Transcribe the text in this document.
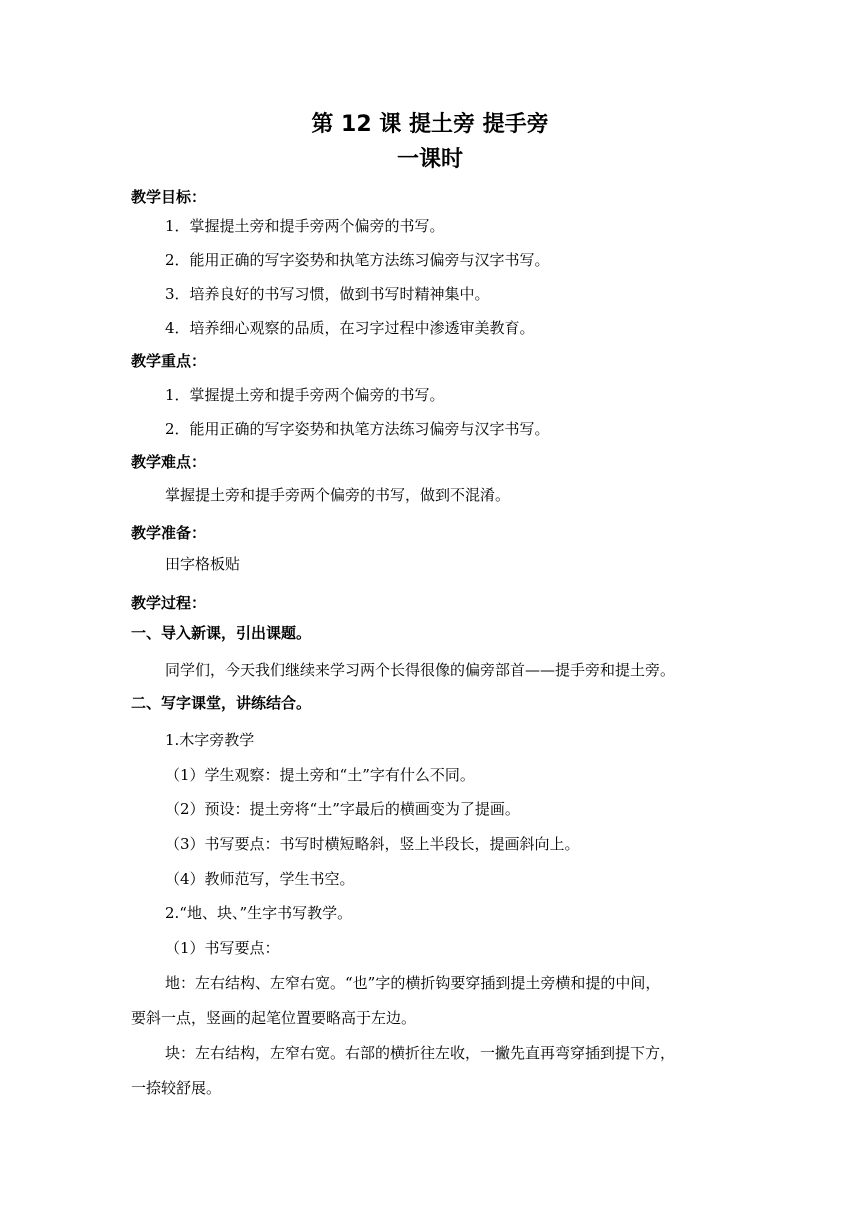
第 12 课 提土旁 提手旁
一课时
教学目标：
1．掌握提土旁和提手旁两个偏旁的书写。
2．能用正确的写字姿势和执笔方法练习偏旁与汉字书写。
3．培养良好的书写习惯，做到书写时精神集中。
4．培养细心观察的品质，在习字过程中渗透审美教育。
教学重点：
1．掌握提土旁和提手旁两个偏旁的书写。
2．能用正确的写字姿势和执笔方法练习偏旁与汉字书写。
教学难点：
掌握提土旁和提手旁两个偏旁的书写，做到不混淆。
教学准备：
田字格板贴
教学过程：
一、导入新课，引出课题。
同学们，今天我们继续来学习两个长得很像的偏旁部首——提手旁和提土旁。
二、写字课堂，讲练结合。
1.木字旁教学
（1）学生观察：提土旁和“土”字有什么不同。
（2）预设：提土旁将“土”字最后的横画变为了提画。
（3）书写要点：书写时横短略斜，竖上半段长，提画斜向上。
（4）教师范写，学生书空。
2.“地、块、”生字书写教学。
（1）书写要点：
地：左右结构、左窄右宽。“也”字的横折钩要穿插到提土旁横和提的中间，
要斜一点，竖画的起笔位置要略高于左边。
块：左右结构，左窄右宽。右部的横折往左收，一撇先直再弯穿插到提下方，
一捺较舒展。
